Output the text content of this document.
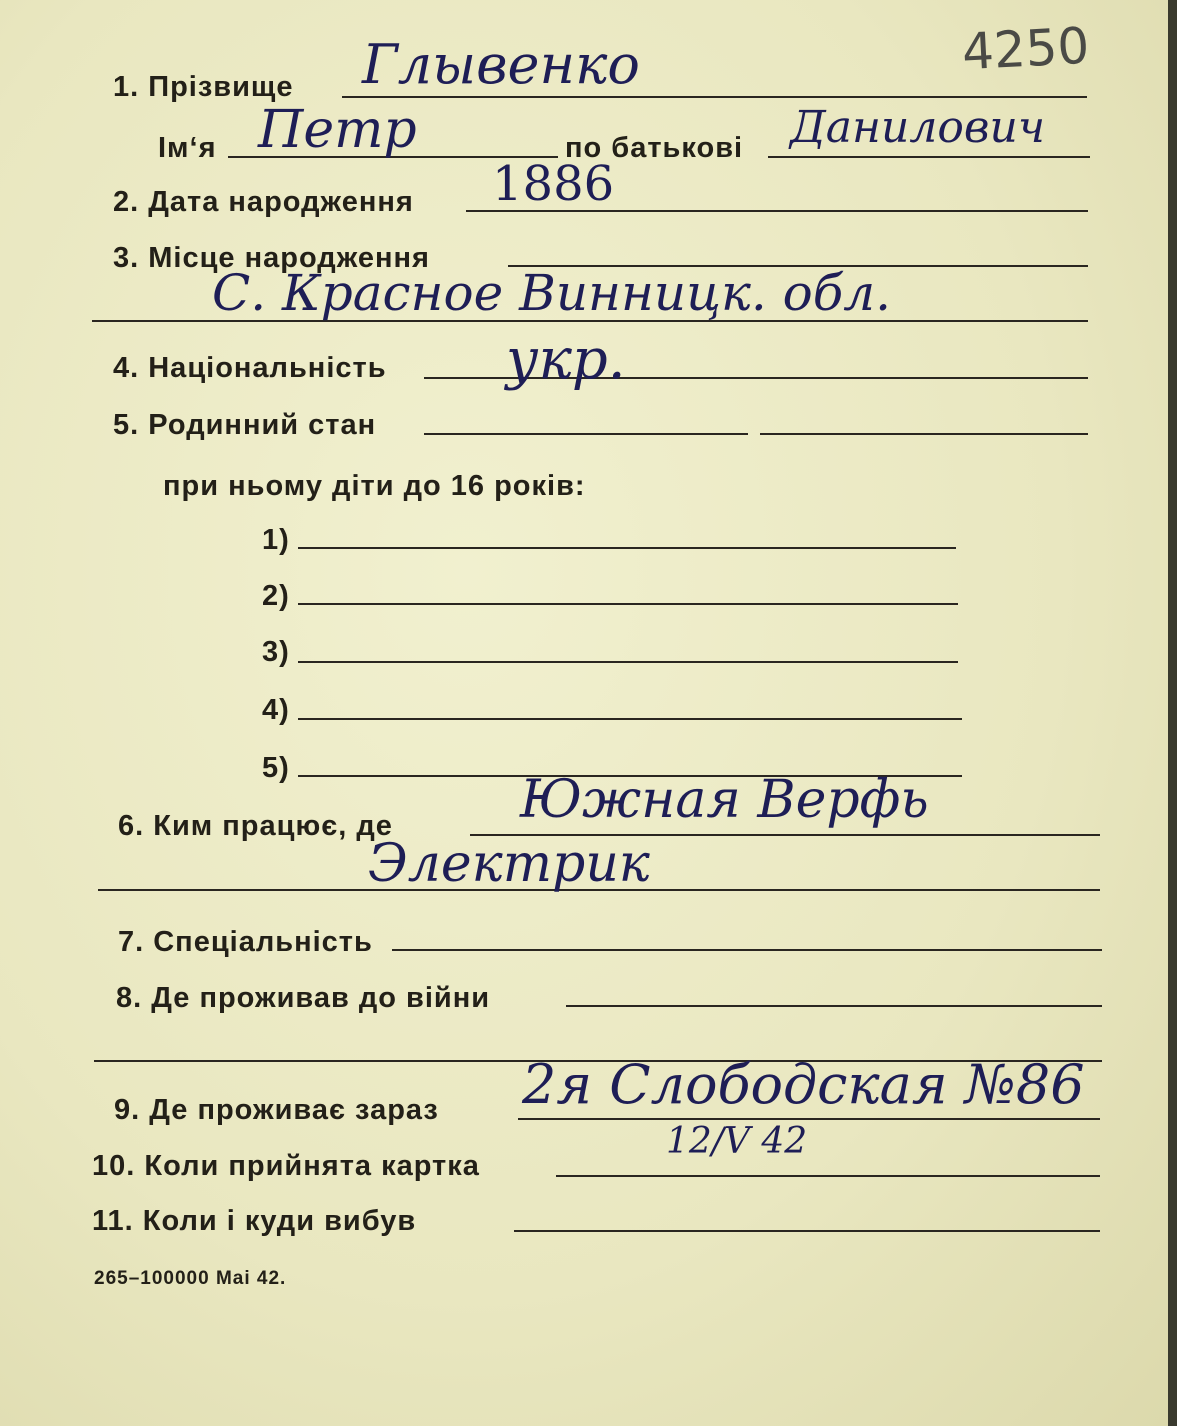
4250
1. Прізвище Глывенко
Ім‘я Петр	по батькові Данилович
2. Дата народження 1886
3. Місце народження
С. Красное Винницк. обл.
4. Національність укр.
5. Родинний стан
при ньому діти до 16 років:
1)
2)
3)
4)
5)
6. Ким працює, де Южная Верфь
Электрик
7. Спеціальність
8. Де проживав до війни
9. Де проживає зараз 2я Слободская №86
10. Коли прийнята картка
12/V 42
11. Коли і куди вибув
265–100000 Mai 42.
